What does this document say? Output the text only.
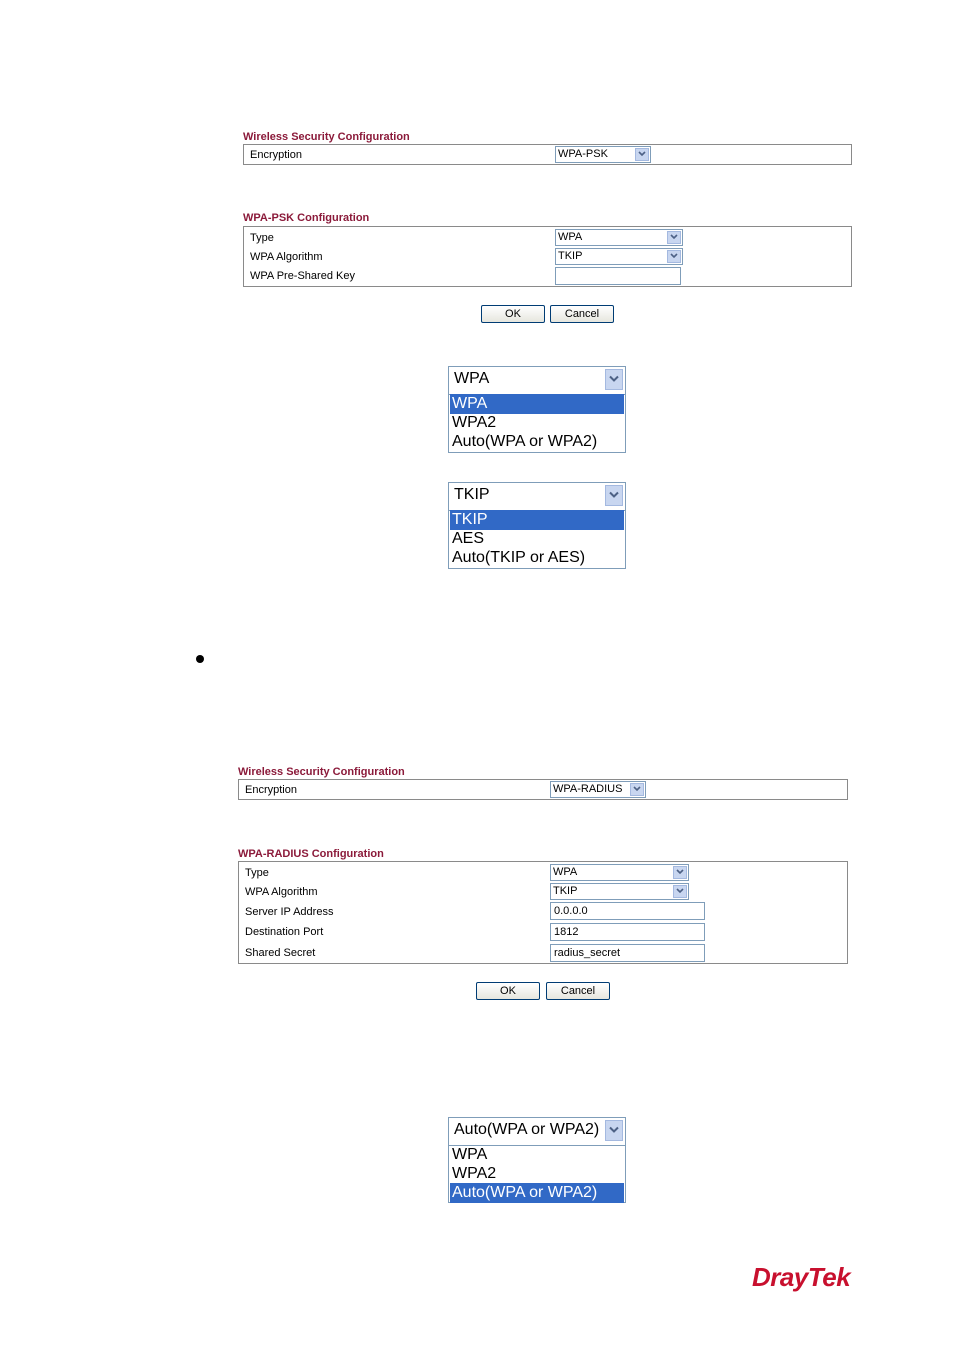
Wireless Security Configuration
Encryption	WPA-PSK
WPA-PSK Configuration
Type	WPA
WPA Algorithm	TKIP
WPA Pre-Shared Key
OK	Cancel
WPA
WPA
WPA2
Auto(WPA or WPA2)
TKIP
TKIP
AES
Auto(TKIP or AES)
Wireless Security Configuration
Encryption	WPA-RADIUS
WPA-RADIUS Configuration
Type	WPA
WPA Algorithm	TKIP
Server IP Address	0.0.0.0
Destination Port	1812
Shared Secret	radius_secret
OK	Cancel
Auto(WPA or WPA2)
WPA
WPA2
Auto(WPA or WPA2)
DrayTek
